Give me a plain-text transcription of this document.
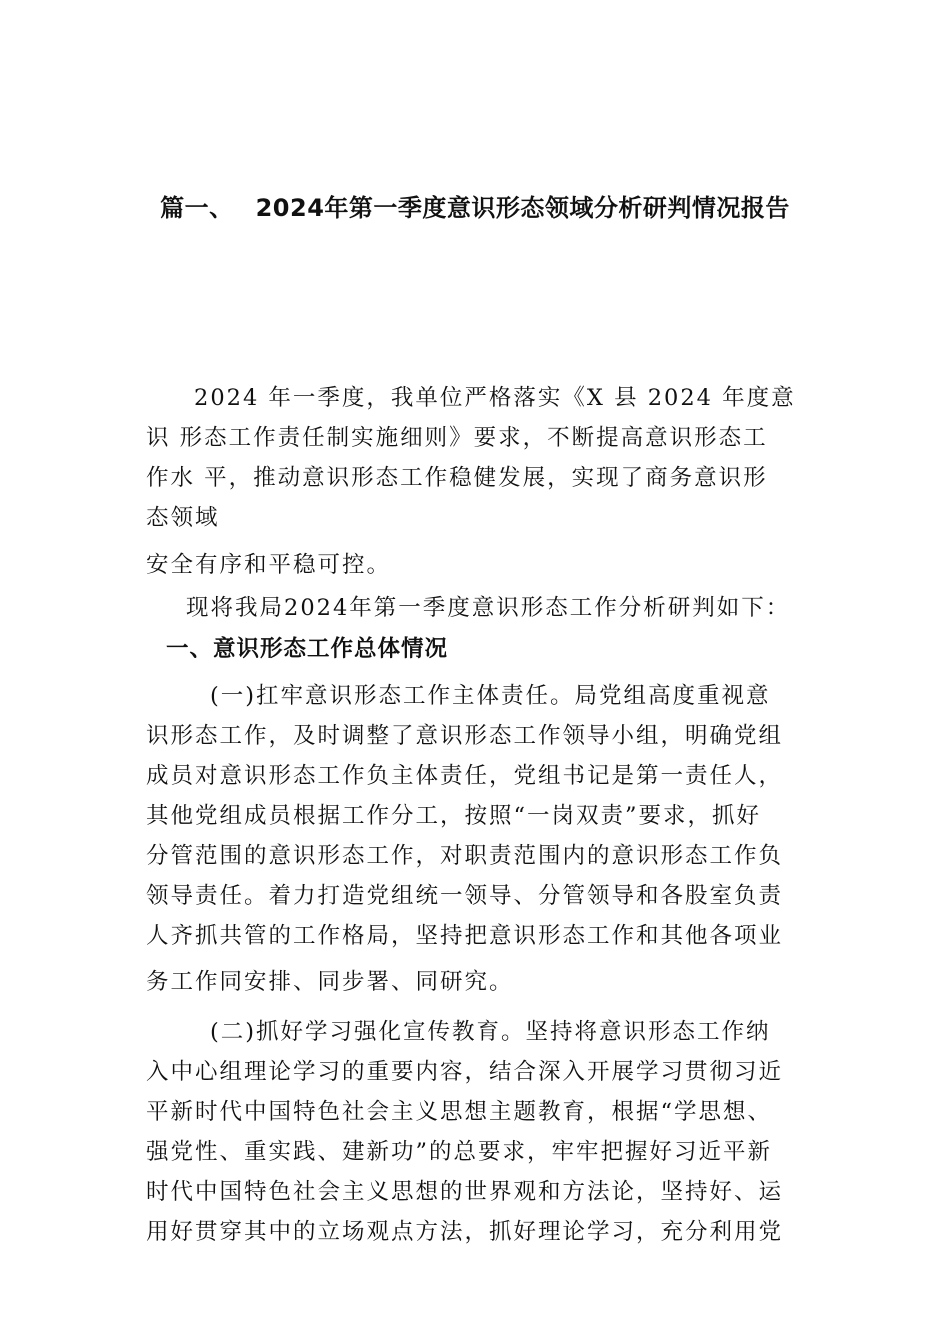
篇一、 2024年第一季度意识形态领域分析研判情况报告
2024 年一季度，我单位严格落实《X 县 2024 年度意
识 形态工作责任制实施细则》要求，不断提高意识形态工
作水 平，推动意识形态工作稳健发展，实现了商务意识形
态领域
安全有序和平稳可控。
现将我局2024年第一季度意识形态工作分析研判如下：
一、意识形态工作总体情况
(一)扛牢意识形态工作主体责任。局党组高度重视意
识形态工作，及时调整了意识形态工作领导小组，明确党组
成员对意识形态工作负主体责任，党组书记是第一责任人，
其他党组成员根据工作分工，按照“一岗双责”要求，抓好
分管范围的意识形态工作，对职责范围内的意识形态工作负
领导责任。着力打造党组统一领导、分管领导和各股室负责
人齐抓共管的工作格局，坚持把意识形态工作和其他各项业
务工作同安排、同步署、同研究。
(二)抓好学习强化宣传教育。坚持将意识形态工作纳
入中心组理论学习的重要内容，结合深入开展学习贯彻习近
平新时代中国特色社会主义思想主题教育，根据“学思想、
强党性、重实践、建新功”的总要求，牢牢把握好习近平新
时代中国特色社会主义思想的世界观和方法论，坚持好、运
用好贯穿其中的立场观点方法，抓好理论学习，充分利用党
